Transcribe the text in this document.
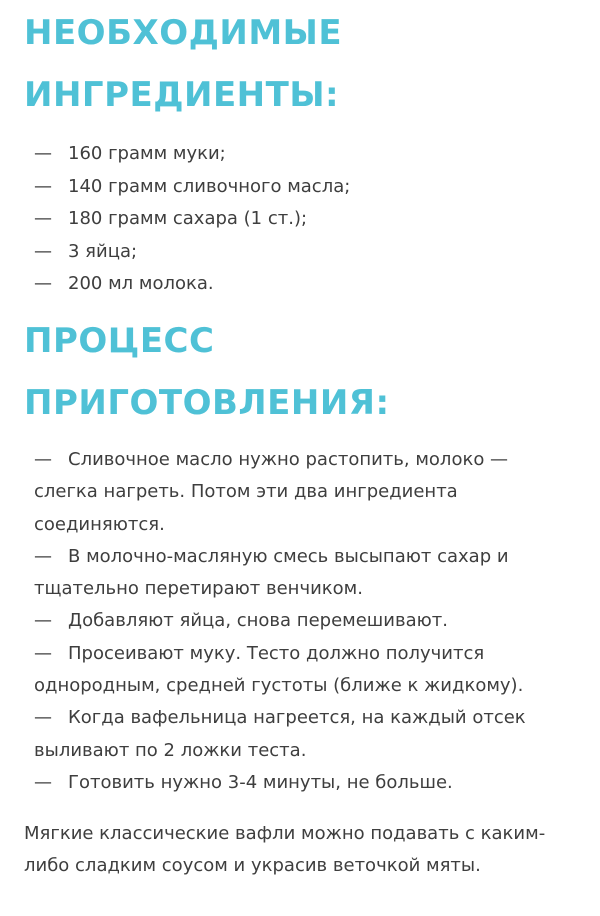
НЕОБХОДИМЫЕ
ИНГРЕДИЕНТЫ:
— 160 грамм муки;
— 140 грамм сливочного масла;
— 180 грамм сахара (1 ст.);
— 3 яйца;
— 200 мл молока.
ПРОЦЕСС
ПРИГОТОВЛЕНИЯ:
— Сливочное масло нужно растопить, молоко — слегка нагреть. Потом эти два ингредиента соединяются.
— В молочно-масляную смесь высыпают сахар и тщательно перетирают венчиком.
— Добавляют яйца, снова перемешивают.
— Просеивают муку. Тесто должно получится однородным, средней густоты (ближе к жидкому).
— Когда вафельница нагреется, на каждый отсек выливают по 2 ложки теста.
— Готовить нужно 3-4 минуты, не больше.

Мягкие классические вафли можно подавать с каким-либо сладким соусом и украсив веточкой мяты.
